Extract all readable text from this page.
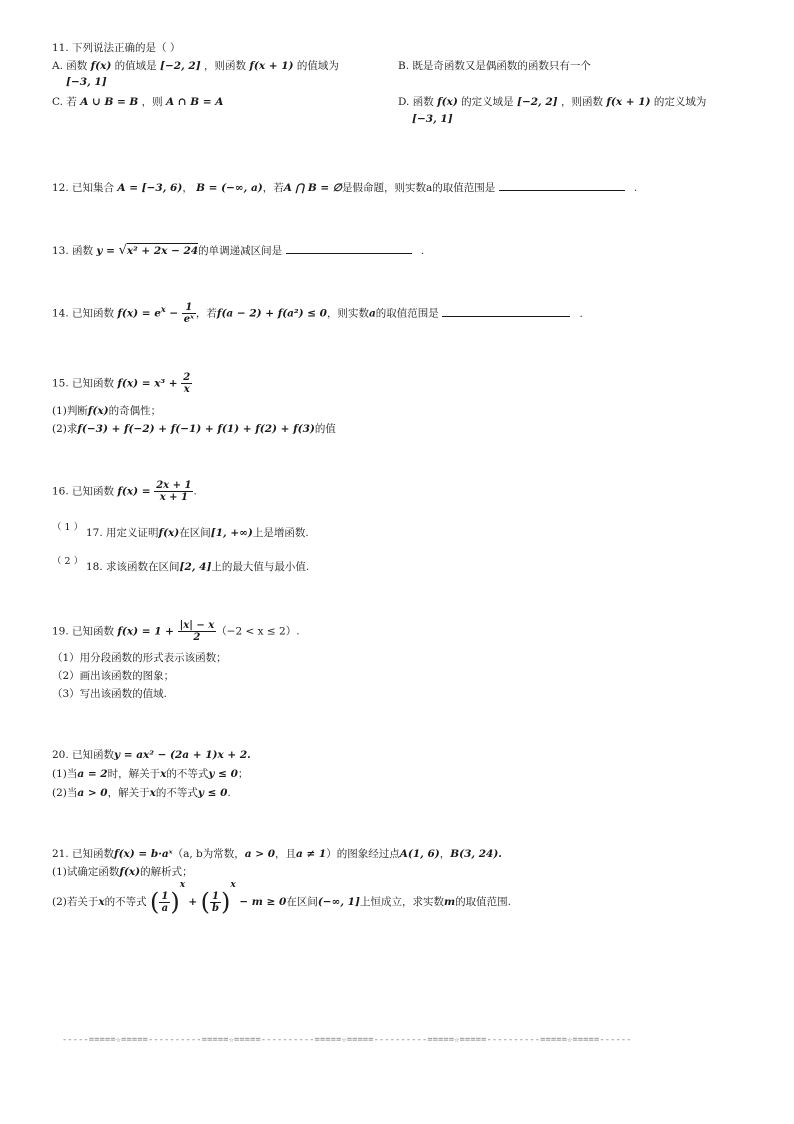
11. 下列说法正确的是（ ）
A. 函数 f(x) 的值域是 [−2, 2] ，则函数 f(x + 1) 的值域为
[−3, 1]
B. 既是奇函数又是偶函数的函数只有一个
C. 若 A ∪ B = B ，则 A ∩ B = A	D. 函数 f(x) 的定义域是 [−2, 2] ，则函数 f(x + 1) 的定义域为
[−3, 1]
12. 已知集合 A = [−3, 6)， B = (−∞, a)，若A ⋂ B = ∅是假命题，则实数a的取值范围是	.
13. 函数 y = √x² + 2x − 24的单调递减区间是	.
14. 已知函数 $f(x) = e^x - \frac{1}{\text{eˣ}}$ ，若f(a − 2) + f(a²) ≤ 0，则实数a的取值范围是	.
15. 已知函数 $f(x) = x^3 + \frac{2}{x}$
(1)判断f(x)的奇偶性；
(2)求f(−3) + f(−2) + f(−1) + f(1) + f(2) + f(3)的值
16. 已知函数 $f(x) = \frac{2x + 1}{x + 1}$ .
（ 1 ） 17. 用定义证明f(x)在区间[1, +∞)上是增函数.
（ 2 ） 18. 求该函数在区间[2, 4]上的最大值与最小值.
19. 已知函数 $f(x) = 1 + \frac{|x| - x}{2} (-2 < x \le 2)$.
（1）用分段函数的形式表示该函数；
（2）画出该函数的图象；
（3）写出该函数的值域.
20. 已知函数y = ax² − (2a + 1)x + 2.
(1)当a = 2时，解关于x的不等式y ≤ 0；
(2)当a > 0，解关于x的不等式y ≤ 0.
21. 已知函数f(x) = b·aˣ（a, b为常数，a > 0，且a ≠ 1）的图象经过点A(1, 6)，B(3, 24).
(1)试确定函数f(x)的解析式；
(2)若关于x的不等式 ( $\frac{1}{a} )x$ + ( $\frac{1}{b} )x - m \ge 0$在区间(−∞, 1]上恒成立，求实数m的取值范围.
-----=====☆=====----------=====☆=====----------=====☆=====----------=====☆=====----------=====☆=====------
